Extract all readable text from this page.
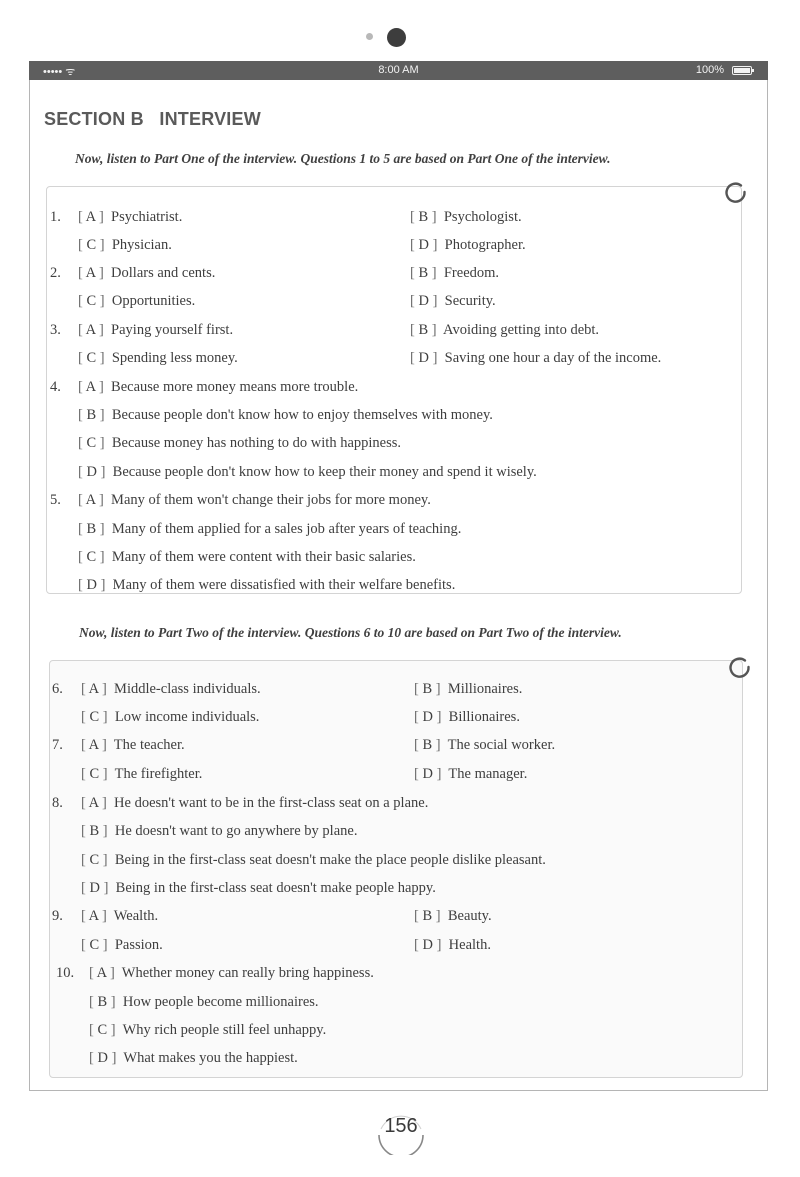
••••• ᯤ	8:00 AM	100%
SECTION B   INTERVIEW
Now, listen to Part One of the interview. Questions 1 to 5 are based on Part One of the interview.
Now, listen to Part Two of the interview. Questions 6 to 10 are based on Part Two of the interview.
1. [ A ]  Psychiatrist.	[ B ]  Psychologist.
[ C ]  Physician.	[ D ]  Photographer.
2. [ A ]  Dollars and cents.	[ B ]  Freedom.
[ C ]  Opportunities.	[ D ]  Security.
3. [ A ]  Paying yourself first.	[ B ]  Avoiding getting into debt.
[ C ]  Spending less money.	[ D ]  Saving one hour a day of the income.
4. [ A ]  Because more money means more trouble.
[ B ]  Because people don't know how to enjoy themselves with money.
[ C ]  Because money has nothing to do with happiness.
[ D ]  Because people don't know how to keep their money and spend it wisely.
5. [ A ]  Many of them won't change their jobs for more money.
[ B ]  Many of them applied for a sales job after years of teaching.
[ C ]  Many of them were content with their basic salaries.
[ D ]  Many of them were dissatisfied with their welfare benefits.
6. [ A ]  Middle-class individuals.	[ B ]  Millionaires.
[ C ]  Low income individuals.	[ D ]  Billionaires.
7. [ A ]  The teacher.	[ B ]  The social worker.
[ C ]  The firefighter.	[ D ]  The manager.
8. [ A ]  He doesn't want to be in the first-class seat on a plane.
[ B ]  He doesn't want to go anywhere by plane.
[ C ]  Being in the first-class seat doesn't make the place people dislike pleasant.
[ D ]  Being in the first-class seat doesn't make people happy.
9. [ A ]  Wealth.	[ B ]  Beauty.
[ C ]  Passion.	[ D ]  Health.
10. [ A ]  Whether money can really bring happiness.
[ B ]  How people become millionaires.
[ C ]  Why rich people still feel unhappy.
[ D ]  What makes you the happiest.
156
